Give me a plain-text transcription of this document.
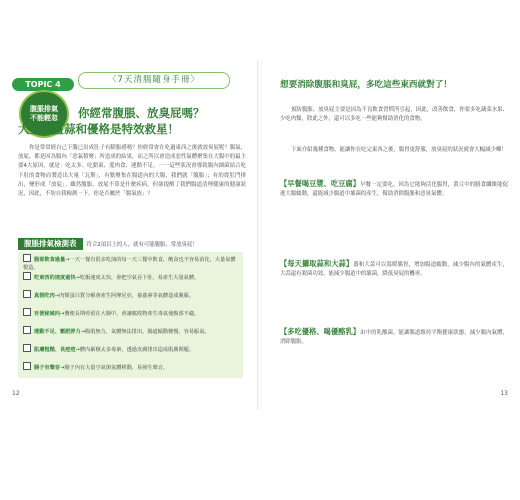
TOPIC 4
腹脹排氣
不能輕忽
〈7天清腸隨身手冊〉
你經常腹脹、放臭屁嗎？
大豆、薑蒜和優格是特效救星！

你是常常經自己下腹已出成肚子有膨脹感嗎？你經常會在吃過東西之後就放臭屁呢？腸氣、放屁，都是因為腸內「惡氣積聚」所造成的結果，而之所以會造成惡性氣體聚集在大腸中的最主要4大原因，就是：吃太多、吃錯東、愛肉食、運動不足。一一這些狀況會導致腸內細菌結合吃下肚的食物而製造出大量「瓦斯」，有點聚集在腸道內的大腸，我們就「腹脹」；有的從肛門排出，變形成「放屁」。雖然腹脹、放屁不算是什麼疾病，但卻提醒了我們腸道清理健康的健康狀況，因此，不妨自我檢測一下，你是否屬於「腸氣族」？

腹脹排氣檢測表	符合2項以上的人，就有可能腹脹、常放臭屁！
腹部飲食過量→一天一餐有很多吃油的每一天三餐中飲食，飽食也不容易消化，大量氣體製造。
吃東西的速度過快→吃飯速度太快，會把空氣吞下肚，易產生大量氣體。
真假吃肉→肉類蛋白質分解會產生阿摩尼亞，養養素等氣體造成腹脹。
有便秘傾向→糞便長期停留在大腸中，會讓腐敗物產生毒氣使腹部不適。
運動不足、壓肥胖力→腹肌無力，氣體無法排出，腸道蠕動變慢，容易脹氣。
肌膚粗糙、長痘痘→體內累積太多毒素，透過皮膚排出造成肌膚問題。
腸子有聲音→腸子內有大量空氣與氣體移動，易發生聲音。
12
想要消除腹脹和臭屁，多吃這些東西就對了！

預防腹脹、放臭屁主要是因為不良飲食習慣所引起，因此，改善飲食，你要多吃蔬菜水果、少吃肉類，除此之外，還可以多吃一些能夠幫助消化的食物。

下面介紹幾種食物，能讓你在吃完東西之後，腸胃更舒服，放臭屁的狀況就會大幅減少囉！

【早餐喝豆漿、吃豆腐】早餐一定要吃，因為它能夠活化腸胃，黃豆中的膳食纖維能促進大腸蠕動，還能減少腸道中壞菌的產生，幫助消除腹脹和惡臭氣體。
【每天攝取蒜和大蒜】薑和大蒜可以溫暖腸胃，增加腸道蠕動，減少腸內的氣體產生，大蒜還有殺菌功效，能減少腸道中的壞菌，降低臭屁的機率。
【多吃優格、喝優酪乳】由中的乳酸菌，能讓腸道維持平衡健康狀態，減少腸內氣體，消除腹脹。
13
